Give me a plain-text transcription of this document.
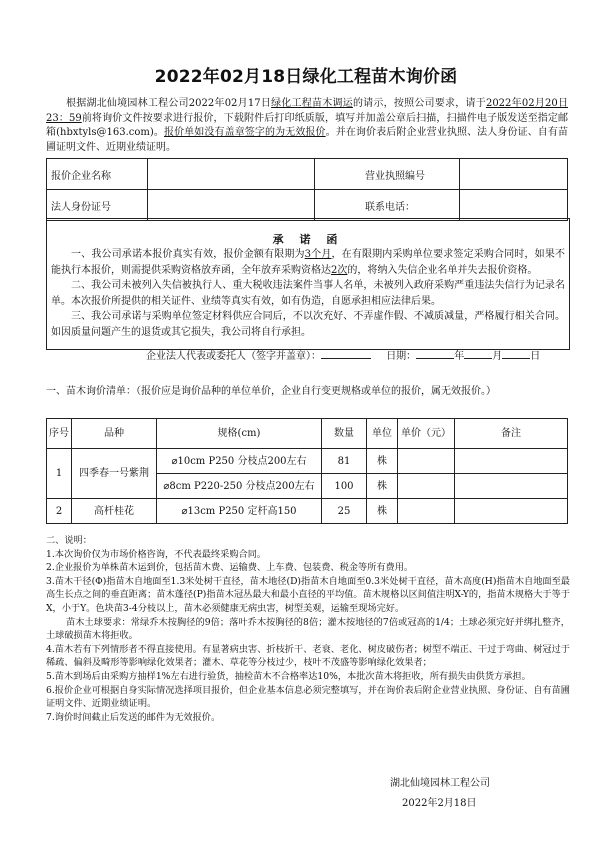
2022年02月18日绿化工程苗木询价函
根据湖北仙境园林工程公司2022年02月17日绿化工程苗木调运的请示，按照公司要求，请于2022年02月20日23：59前将询价文件按要求进行报价，下载附件后打印纸质版，填写并加盖公章后扫描，扫描件电子版发送至指定邮箱(hbxtyls@163.com)。报价单如没有盖章签字的为无效报价。并在询价表后附企业营业执照、法人身份证、自有苗圃证明文件、近期业绩证明。
报价企业名称		营业执照编号	
法人身份证号		联系电话：	
承 诺 函

一、我公司承诺本报价真实有效，报价金额有限期为3个月，在有限期内采购单位要求签定采购合同时，如果不能执行本报价，则需提供采购资格放弃函，全年放弃采购资格达2次的，将纳入失信企业名单并失去报价资格。

二、我公司未被列入失信被执行人、重大税收违法案件当事人名单，未被列入政府采购严重违法失信行为记录名单。本次报价所提供的相关证件、业绩等真实有效，如有伪造，自愿承担相应法律后果。

三、我公司承诺与采购单位签定材料供应合同后，不以次充好、不弄虚作假、不减质减量，严格履行相关合同。如因质量问题产生的退货或其它损失，我公司将自行承担。

企业法人代表或委托人（签字并盖章）：	日期：	年	月	日
一、苗木询价清单：（报价应是询价品种的单位单价，企业自行变更规格或单位的报价，属无效报价。）
序号	品种	规格(cm)	数量	单位	单价（元）	备注
1	四季春一号紫荆	⌀10cm P250 分枝点200左右	81	株		
		⌀8cm P220-250 分枝点200左右	100	株		
2	高杆桂花	⌀13cm P250 定杆高150	25	株		
二、说明：
1.本次询价仅为市场价格咨询，不代表最终采购合同。
2.企业报价为单株苗木运到价，包括苗木费、运输费、上车费、包装费、税金等所有费用。
3.苗木干径(Φ)指苗木自地面至1.3米处树干直径，苗木地径(D)指苗木自地面至0.3米处树干直径，苗木高度(H)指苗木自地面至最高生长点之间的垂直距离；苗木蓬径(P)指苗木冠丛最大和最小直径的平均值。苗木规格以区间值注明X-Y的，指苗木规格大于等于X，小于Y。色块苗3-4分枝以上，苗木必须健康无病虫害，树型美观，运输至现场完好。
苗木土球要求：常绿乔木按胸径的9倍；落叶乔木按胸径的8倍；灌木按地径的7倍或冠高的1/4；土球必须完好并绑扎整齐，土球破损苗木将拒收。
4.苗木若有下列情形者不得直接使用。有显著病虫害、折枝折干、老衰、老化、树皮破伤者；树型不端正、干过于弯曲、树冠过于稀疏、偏斜及畸形等影响绿化效果者；灌木、草花等分枝过少，枝叶不茂盛等影响绿化效果者；
5.苗木到场后由采购方抽样1%左右进行验货，抽检苗木不合格率达10%，本批次苗木将拒收，所有损失由供货方承担。
6.报价企业可根据自身实际情况选择项目报价，但企业基本信息必须完整填写，并在询价表后附企业营业执照、身份证、自有苗圃证明文件、近期业绩证明。
7.询价时间截止后发送的邮件为无效报价。
湖北仙境园林工程公司
2022年2月18日
